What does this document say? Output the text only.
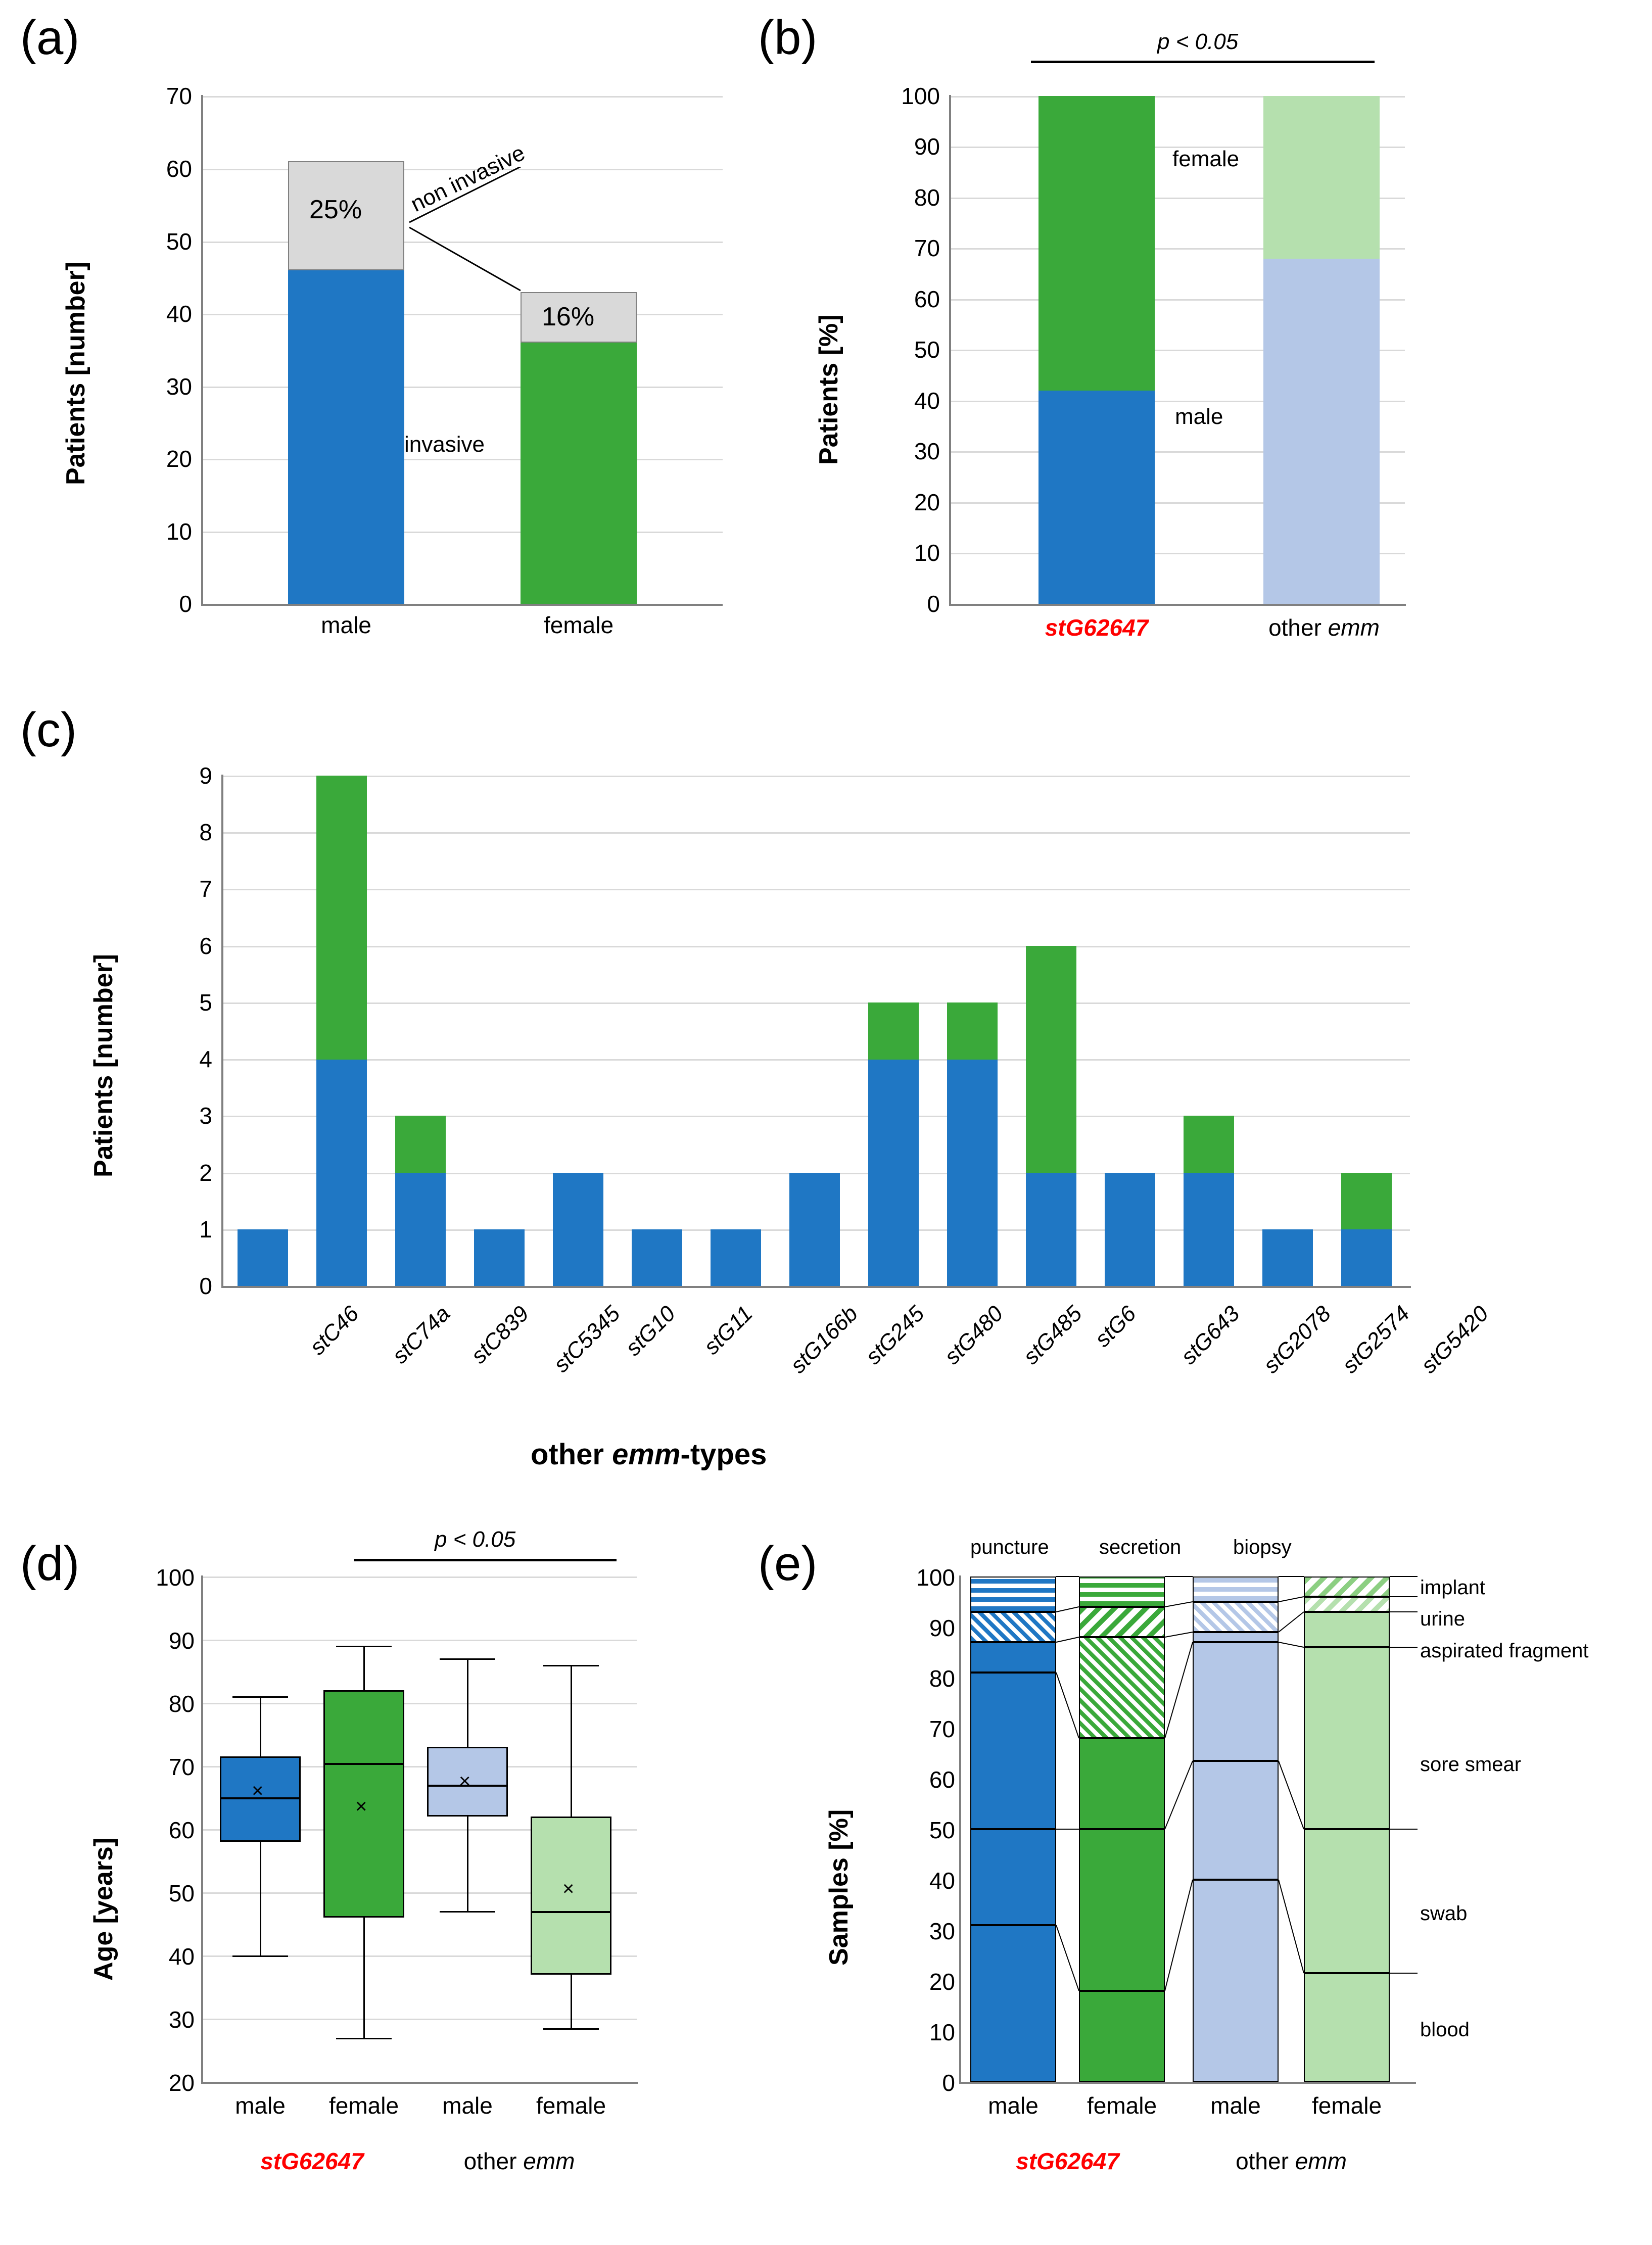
(a)
Patients [number]
70
60
50
40
30
20
10
0
25%
16%
non invasive
invasive
male	female
(b)
Patients [%]
100
90
80
70
60
50
40
30
20
10
0
p < 0.05
female
male
stG62647	other emm
(c)
Patients [number]
9
8
7
6
5
4
3
2
1
0
stC46 stC74a stC839 stC5345
stG10 stG11 stG166b
stG245 stG480 stG485 stG6 stG643 stG2078 stG2574 stG5420
other emm-types
(d)
Age [years]
100
90
80
70
60
50
40
30
20
p < 0.05
×
×
×
×
male	female	male	female
stG62647	other emm
(e)
Samples [%]
100
90
80
70
60
50
40
30
20
10
0
puncture secretion	biopsy
implant
urine
aspirated fragment
sore smear
swab
blood
male	female	male	female
stG62647	other emm
